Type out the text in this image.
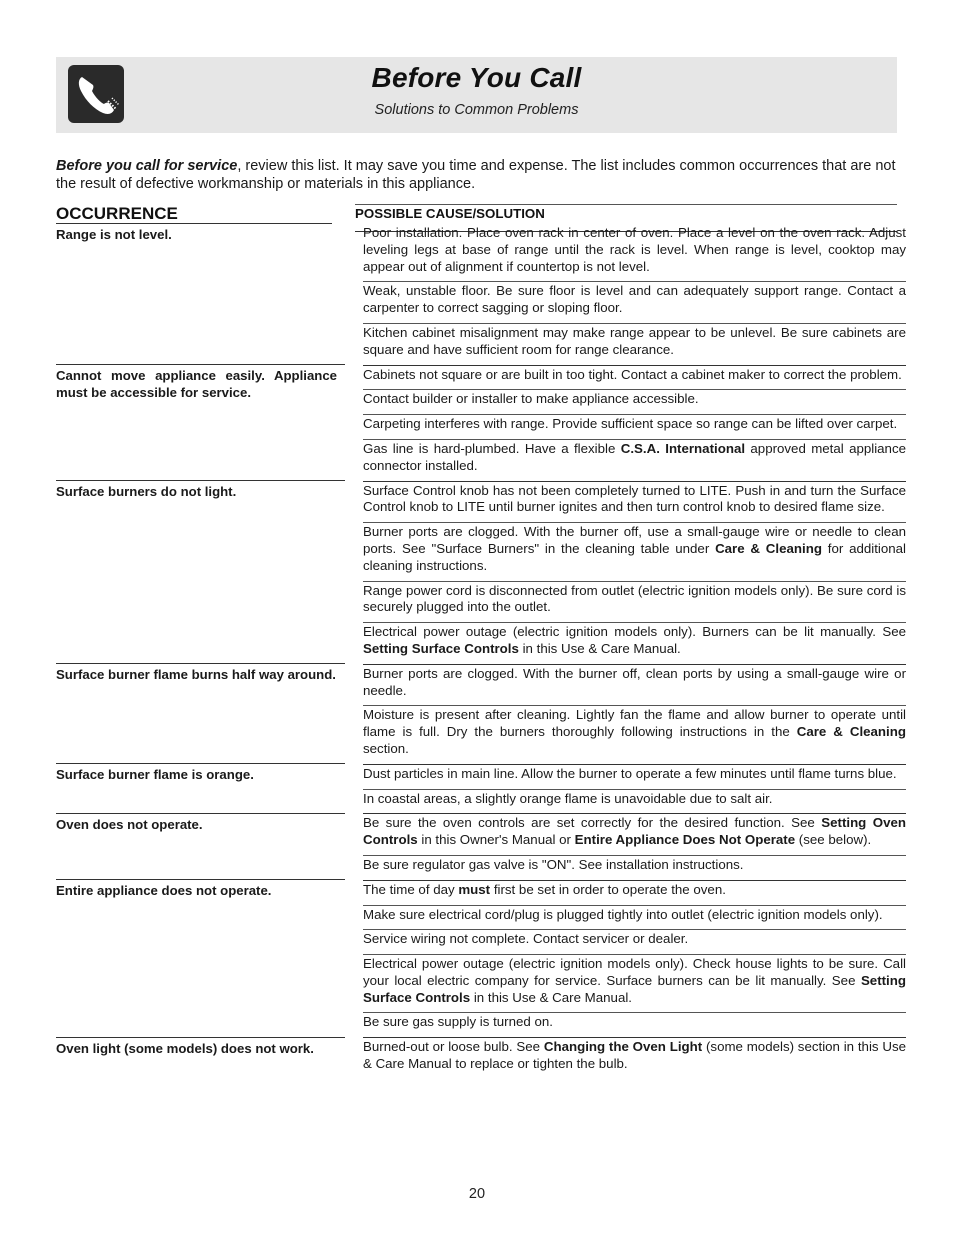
Before You Call
Solutions to Common Problems
Before you call for service, review this list. It may save you time and expense. The list includes common occurrences that are not the result of defective workmanship or materials in this appliance.
OCCURRENCE	POSSIBLE CAUSE/SOLUTION
Range is not level.		Poor installation. Place oven rack in center of oven. Place a level on the oven rack. Adjust leveling legs at base of range until the rack is level. When range is level, cooktop may appear out of alignment if countertop is not level.
Weak, unstable floor. Be sure floor is level and can adequately support range. Contact a carpenter to correct sagging or sloping floor.
Kitchen cabinet misalignment may make range appear to be unlevel. Be sure cabinets are square and have sufficient room for range clearance.

Cannot move appliance easily. Appliance must be accessible for service.		Cabinets not square or are built in too tight. Contact a cabinet maker to correct the problem.
Contact builder or installer to make appliance accessible.
Carpeting interferes with range. Provide sufficient space so range can be lifted over carpet.
Gas line is hard-plumbed. Have a flexible C.S.A. International approved metal appliance connector installed.

Surface burners do not light.		Surface Control knob has not been completely turned to LITE. Push in and turn the Surface Control knob to LITE until burner ignites and then turn control knob to desired flame size.
Burner ports are clogged. With the burner off, use a small-gauge wire or needle to clean ports. See "Surface Burners" in the cleaning table under Care & Cleaning for additional cleaning instructions.
Range power cord is disconnected from outlet (electric ignition models only). Be sure cord is securely plugged into the outlet.
Electrical power outage (electric ignition models only). Burners can be lit manually. See Setting Surface Controls in this Use & Care Manual.

Surface burner flame burns half way around.		Burner ports are clogged. With the burner off, clean ports by using a small-gauge wire or needle.
Moisture is present after cleaning. Lightly fan the flame and allow burner to operate until flame is full. Dry the burners thoroughly following instructions in the Care & Cleaning section.

Surface burner flame is orange.		Dust particles in main line. Allow the burner to operate a few minutes until flame turns blue.
In coastal areas, a slightly orange flame is unavoidable due to salt air.

Oven does not operate.		Be sure the oven controls are set correctly for the desired function. See Setting Oven Controls in this Owner's Manual or Entire Appliance Does Not Operate (see below).
Be sure regulator gas valve is "ON". See installation instructions.

Entire appliance does not operate.		The time of day must first be set in order to operate the oven.
Make sure electrical cord/plug is plugged tightly into outlet (electric ignition models only).
Service wiring not complete. Contact servicer or dealer.
Electrical power outage (electric ignition models only). Check house lights to be sure. Call your local electric company for service. Surface burners can be lit manually. See Setting Surface Controls in this Use & Care Manual.
Be sure gas supply is turned on.

Oven light (some models) does not work.		Burned-out or loose bulb. See Changing the Oven Light (some models) section in this Use & Care Manual to replace or tighten the bulb.
20
